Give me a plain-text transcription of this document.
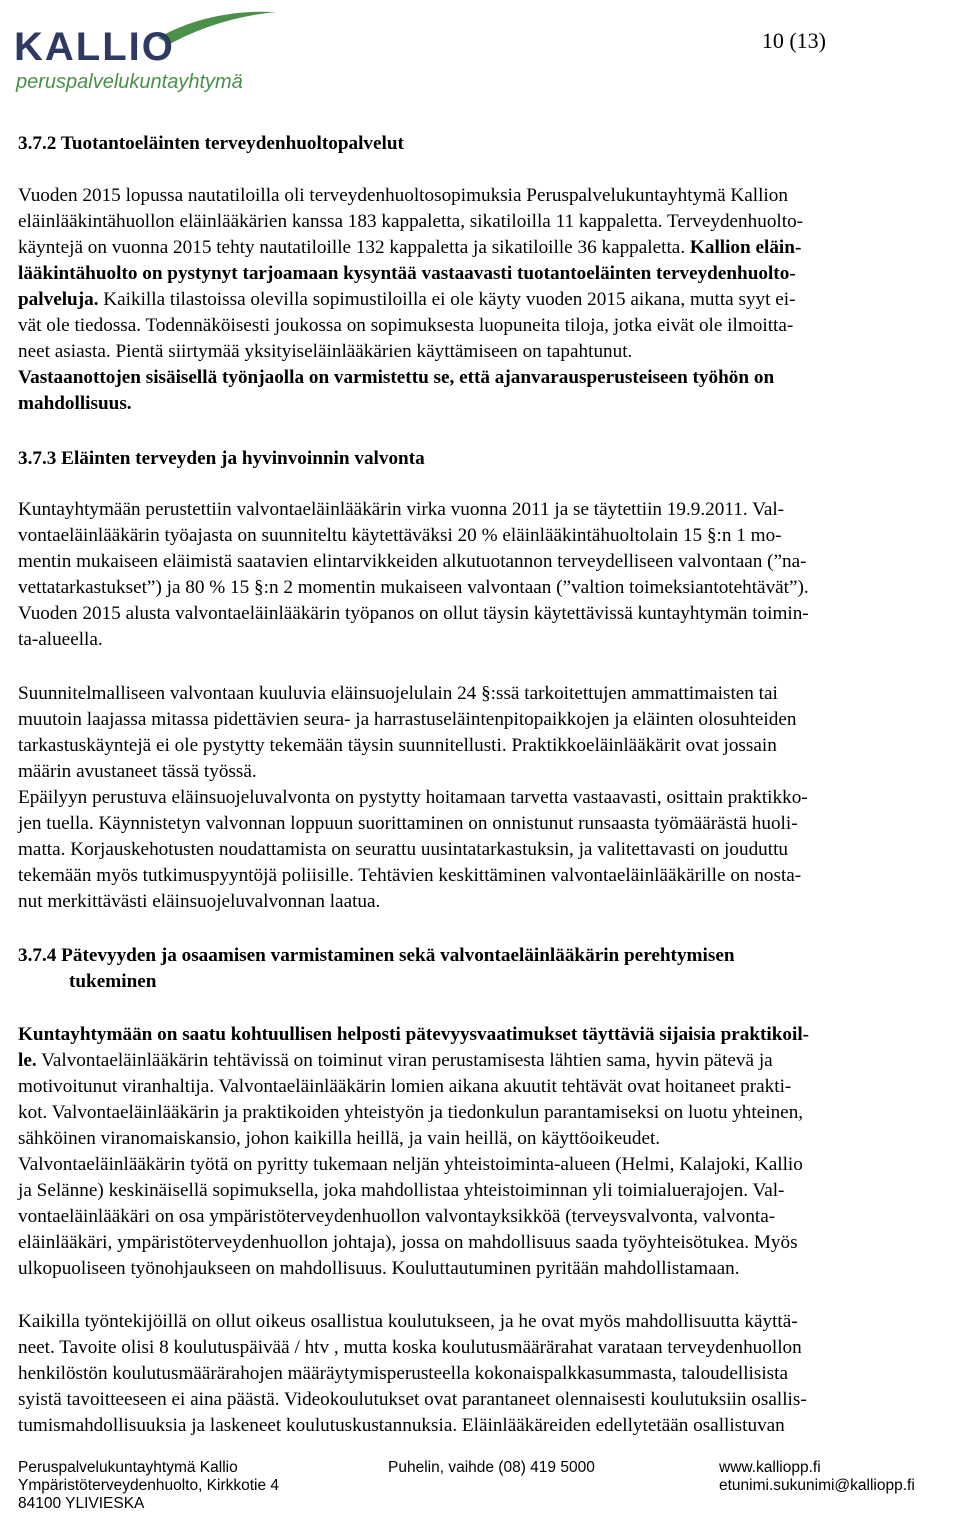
KALLIO
peruspalvelukuntayhtymä
10 (13)
3.7.2 Tuotantoeläinten terveydenhuoltopalvelut
Vuoden 2015 lopussa nautatiloilla oli terveydenhuoltosopimuksia Peruspalvelukuntayhtymä Kallion
eläinlääkintähuollon eläinlääkärien kanssa 183 kappaletta, sikatiloilla 11 kappaletta. Terveydenhuolto-
käyntejä on vuonna 2015 tehty nautatiloille 132 kappaletta ja sikatiloille 36 kappaletta. Kallion eläin-
lääkintähuolto on pystynyt tarjoamaan kysyntää vastaavasti tuotantoeläinten terveydenhuolto-
palveluja. Kaikilla tilastoissa olevilla sopimustiloilla ei ole käyty vuoden 2015 aikana, mutta syyt ei-
vät ole tiedossa. Todennäköisesti joukossa on sopimuksesta luopuneita tiloja, jotka eivät ole ilmoitta-
neet asiasta. Pientä siirtymää yksityiseläinlääkärien käyttämiseen on tapahtunut.
Vastaanottojen sisäisellä työnjaolla on varmistettu se, että ajanvarausperusteiseen työhön on
mahdollisuus.
3.7.3 Eläinten terveyden ja hyvinvoinnin valvonta
Kuntayhtymään perustettiin valvontaeläinlääkärin virka vuonna 2011 ja se täytettiin 19.9.2011. Val-
vontaeläinlääkärin työajasta on suunniteltu käytettäväksi 20 % eläinlääkintähuoltolain 15 §:n 1 mo-
mentin mukaiseen eläimistä saatavien elintarvikkeiden alkutuotannon terveydelliseen valvontaan (”na-
vettatarkastukset”) ja 80 % 15 §:n 2 momentin mukaiseen valvontaan (”valtion toimeksiantotehtävät”).
Vuoden 2015 alusta valvontaeläinlääkärin työpanos on ollut täysin käytettävissä kuntayhtymän toimin-
ta-alueella.
Suunnitelmalliseen valvontaan kuuluvia eläinsuojelulain 24 §:ssä tarkoitettujen ammattimaisten tai
muutoin laajassa mitassa pidettävien seura- ja harrastuseläintenpitopaikkojen ja eläinten olosuhteiden
tarkastuskäyntejä ei ole pystytty tekemään täysin suunnitellusti. Praktikkoeläinlääkärit ovat jossain
määrin avustaneet tässä työssä.
Epäilyyn perustuva eläinsuojeluvalvonta on pystytty hoitamaan tarvetta vastaavasti, osittain praktikko-
jen tuella. Käynnistetyn valvonnan loppuun suorittaminen on onnistunut runsaasta työmäärästä huoli-
matta. Korjauskehotusten noudattamista on seurattu uusintatarkastuksin, ja valitettavasti on jouduttu
tekemään myös tutkimuspyyntöjä poliisille. Tehtävien keskittäminen valvontaeläinlääkärille on nosta-
nut merkittävästi eläinsuojeluvalvonnan laatua.
3.7.4 Pätevyyden ja osaamisen varmistaminen sekä valvontaeläinlääkärin perehtymisen
tukeminen
Kuntayhtymään on saatu kohtuullisen helposti pätevyysvaatimukset täyttäviä sijaisia praktikoil-
le. Valvontaeläinlääkärin tehtävissä on toiminut viran perustamisesta lähtien sama, hyvin pätevä ja
motivoitunut viranhaltija. Valvontaeläinlääkärin lomien aikana akuutit tehtävät ovat hoitaneet prakti-
kot. Valvontaeläinlääkärin ja praktikoiden yhteistyön ja tiedonkulun parantamiseksi on luotu yhteinen,
sähköinen viranomaiskansio, johon kaikilla heillä, ja vain heillä, on käyttöoikeudet.
Valvontaeläinlääkärin työtä on pyritty tukemaan neljän yhteistoiminta-alueen (Helmi, Kalajoki, Kallio
ja Selänne) keskinäisellä sopimuksella, joka mahdollistaa yhteistoiminnan yli toimialuerajojen. Val-
vontaeläinlääkäri on osa ympäristöterveydenhuollon valvontayksikköä (terveysvalvonta, valvonta-
eläinlääkäri, ympäristöterveydenhuollon johtaja), jossa on mahdollisuus saada työyhteisötukea. Myös
ulkopuoliseen työnohjaukseen on mahdollisuus. Kouluttautuminen pyritään mahdollistamaan.
Kaikilla työntekijöillä on ollut oikeus osallistua koulutukseen, ja he ovat myös mahdollisuutta käyttä-
neet. Tavoite olisi 8 koulutuspäivää / htv , mutta koska koulutusmäärärahat varataan terveydenhuollon
henkilöstön koulutusmäärärahojen määräytymisperusteella kokonaispalkkasummasta, taloudellisista
syistä tavoitteeseen ei aina päästä. Videokoulutukset ovat parantaneet olennaisesti koulutuksiin osallis-
tumismahdollisuuksia ja laskeneet koulutuskustannuksia. Eläinlääkäreiden edellytetään osallistuvan
Peruspalvelukuntayhtymä Kallio
Ympäristöterveydenhuolto, Kirkkotie 4
84100 YLIVIESKA
Puhelin, vaihde (08) 419 5000	www.kalliopp.fi
etunimi.sukunimi@kalliopp.fi
